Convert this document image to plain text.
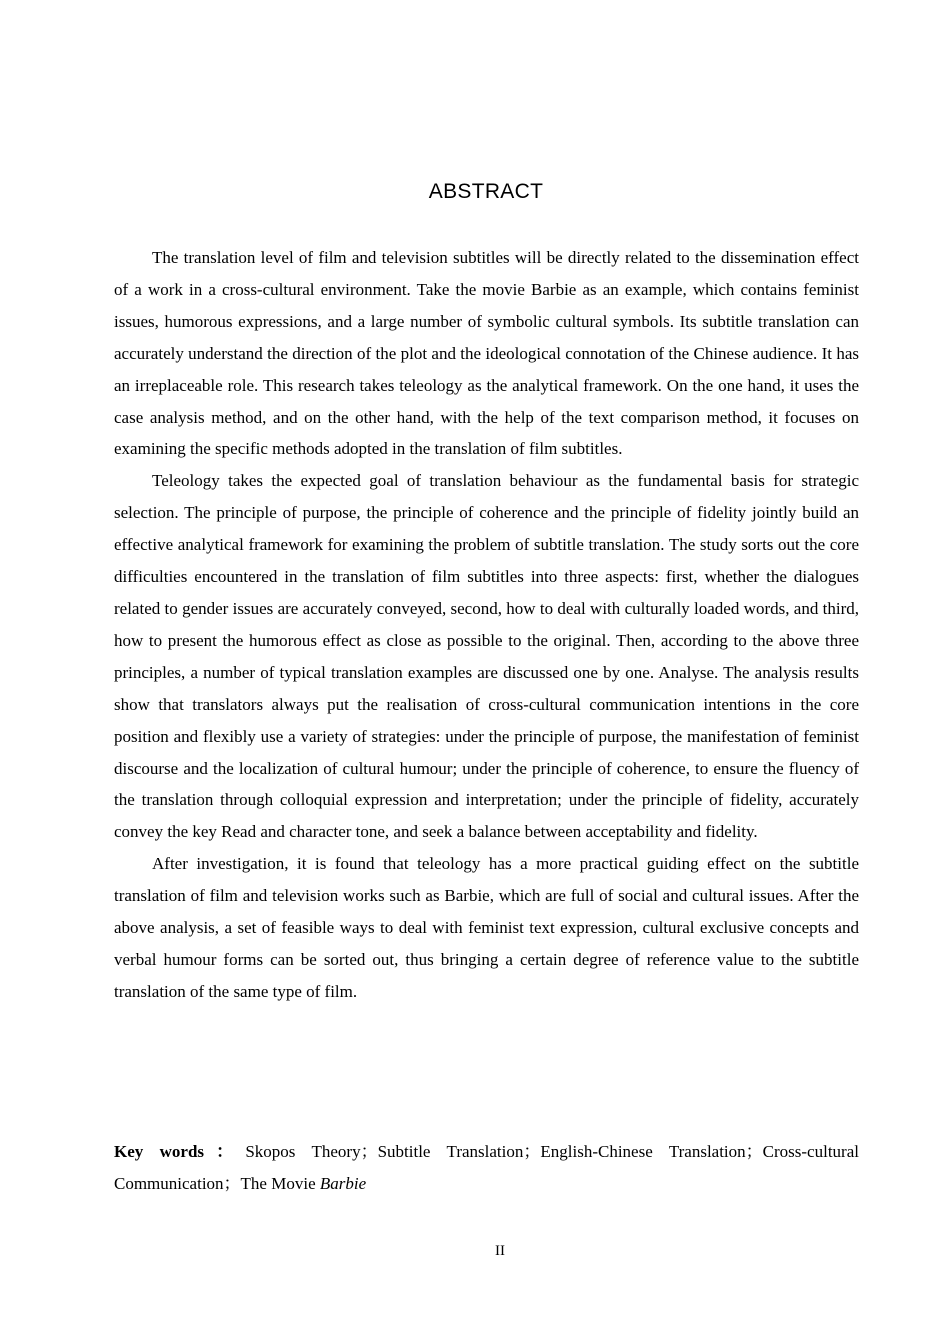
ABSTRACT

The translation level of film and television subtitles will be directly related to the dissemination effect of a work in a cross-cultural environment. Take the movie Barbie as an example, which contains feminist issues, humorous expressions, and a large number of symbolic cultural symbols. Its subtitle translation can accurately understand the direction of the plot and the ideological connotation of the Chinese audience. It has an irreplaceable role. This research takes teleology as the analytical framework. On the one hand, it uses the case analysis method, and on the other hand, with the help of the text comparison method, it focuses on examining the specific methods adopted in the translation of film subtitles.

Teleology takes the expected goal of translation behaviour as the fundamental basis for strategic selection. The principle of purpose, the principle of coherence and the principle of fidelity jointly build an effective analytical framework for examining the problem of subtitle translation. The study sorts out the core difficulties encountered in the translation of film subtitles into three aspects: first, whether the dialogues related to gender issues are accurately conveyed, second, how to deal with culturally loaded words, and third, how to present the humorous effect as close as possible to the original. Then, according to the above three principles, a number of typical translation examples are discussed one by one. Analyse. The analysis results show that translators always put the realisation of cross-cultural communication intentions in the core position and flexibly use a variety of strategies: under the principle of purpose, the manifestation of feminist discourse and the localization of cultural humour; under the principle of coherence, to ensure the fluency of the translation through colloquial expression and interpretation; under the principle of fidelity, accurately convey the key Read and character tone, and seek a balance between acceptability and fidelity.

After investigation, it is found that teleology has a more practical guiding effect on the subtitle translation of film and television works such as Barbie, which are full of social and cultural issues. After the above analysis, a set of feasible ways to deal with feminist text expression, cultural exclusive concepts and verbal humour forms can be sorted out, thus bringing a certain degree of reference value to the subtitle translation of the same type of film.

Key words ： Skopos Theory ； Subtitle Translation ； English-Chinese Translation ； Cross-cultural Communication ； The Movie Barbie
II
